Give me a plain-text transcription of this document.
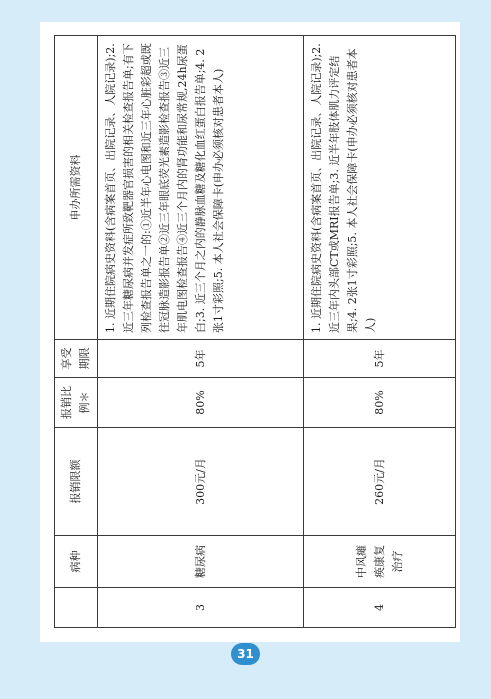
	病种	报销限额	报销比例＊	享受期限	申办所需资料
3	糖尿病	300元/月	80%	5年	1. 近期住院病史资料(含病案首页、出院记录、人院记录);2. 近三年糖尿病并发症所致靶器官损害的相关检查报告单;有下列检查报告单之一的:①近半年心电图和近三年心脏彩超或既往冠脉造影报告单②近三年眼底荧光素造影检查报告③近三年肌电图检查报告④近三个月内的肾功能和尿常规,24h尿蛋白;3. 近三个月之内的静脉血糖及糖化血红蛋白报告单;4. 2张1寸彩照;5. 本人社会保障卡(申办必须核对患者本人)
4	中风瘫痪康复治疗	260元/月	80%	5年	1. 近期住院病史资料(含病案首页、出院记录、人院记录);2. 近三年内头部CT或MRI报告单;3. 近半年肢体肌力评定结果;4. 2张1寸彩照;5. 本人社会保障卡(申办必须核对患者本人)
31
